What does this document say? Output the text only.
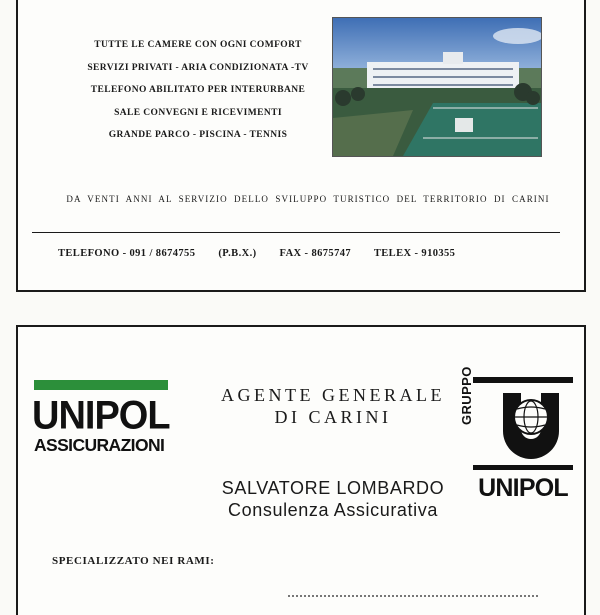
TUTTE LE CAMERE CON OGNI COMFORT
SERVIZI PRIVATI - ARIA CONDIZIONATA -TV
TELEFONO ABILITATO PER INTERURBANE
SALE CONVEGNI E RICEVIMENTI
GRANDE PARCO - PISCINA - TENNIS
DA VENTI ANNI AL SERVIZIO DELLO SVILUPPO TURISTICO DEL TERRITORIO DI CARINI
TELEFONO - 091 / 8674755 (P.B.X.) FAX - 8675747 TELEX - 910355
UNIPOL
ASSICURAZIONI
AGENTE GENERALE
DI CARINI
SALVATORE LOMBARDO
Consulenza Assicurativa
SPECIALIZZATO NEI RAMI:
GRUPPO
UNIPOL
